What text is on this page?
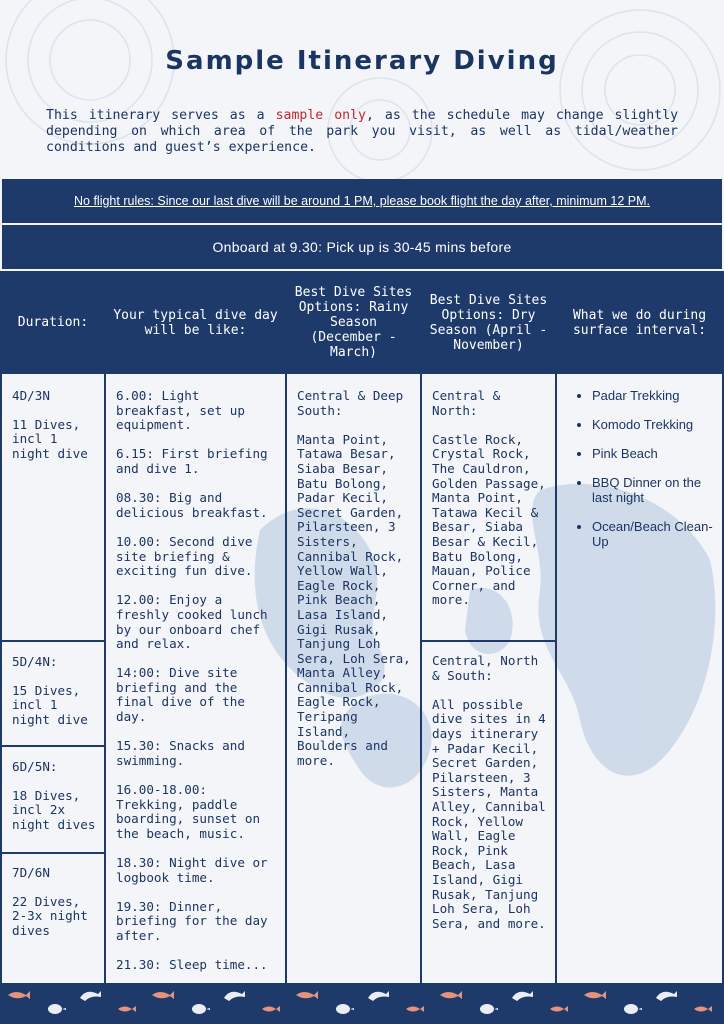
Sample Itinerary Diving
This itinerary serves as a sample only, as the schedule may change slightly depending on which area of the park you visit, as well as tidal/weather conditions and guest’s experience.
No flight rules: Since our last dive will be around 1 PM, please book flight the day after, minimum 12 PM.
Onboard at 9.30: Pick up is 30-45 mins before
Duration:	Your typical dive day will be like:
Best Dive Sites Options: Rainy Season (December - March)
Best Dive Sites Options: Dry Season (April - November)
What we do during surface interval:
4D/3N
11 Dives, incl 1 night dive
5D/4N:
15 Dives, incl 1 night dive
6D/5N:
18 Dives, incl 2x night dives
7D/6N
22 Dives, 2-3x night dives

6.00: Light breakfast, set up equipment.

6.15: First briefing and dive 1.

08.30: Big and delicious breakfast.

10.00: Second dive site briefing & exciting fun dive.

12.00: Enjoy a freshly cooked lunch by our onboard chef and relax.

14:00: Dive site briefing and the final dive of the day.

15.30: Snacks and swimming.

16.00-18.00: Trekking, paddle boarding, sunset on the beach, music.

18.30: Night dive or logbook time.

19.30: Dinner, briefing for the day after.

21.30: Sleep time...

Central & Deep South:
Manta Point, Tatawa Besar, Siaba Besar, Batu Bolong, Padar Kecil, Secret Garden, Pilarsteen, 3 Sisters, Cannibal Rock, Yellow Wall, Eagle Rock, Pink Beach, Lasa Island, Gigi Rusak, Tanjung Loh Sera, Loh Sera, Manta Alley, Cannibal Rock, Eagle Rock, Teripang Island, Boulders and more.
Central & North:
Castle Rock, Crystal Rock, The Cauldron, Golden Passage, Manta Point, Tatawa Kecil & Besar, Siaba Besar & Kecil, Batu Bolong, Mauan, Police Corner, and more.
Central, North & South:
All possible dive sites in 4 days itinerary + Padar Kecil, Secret Garden, Pilarsteen, 3 Sisters, Manta Alley, Cannibal Rock, Yellow Wall, Eagle Rock, Pink Beach, Lasa Island, Gigi Rusak, Tanjung Loh Sera, Loh Sera, and more.
• Padar Trekking
• Komodo Trekking
• Pink Beach
• BBQ Dinner on the last night
• Ocean/Beach Clean-Up
